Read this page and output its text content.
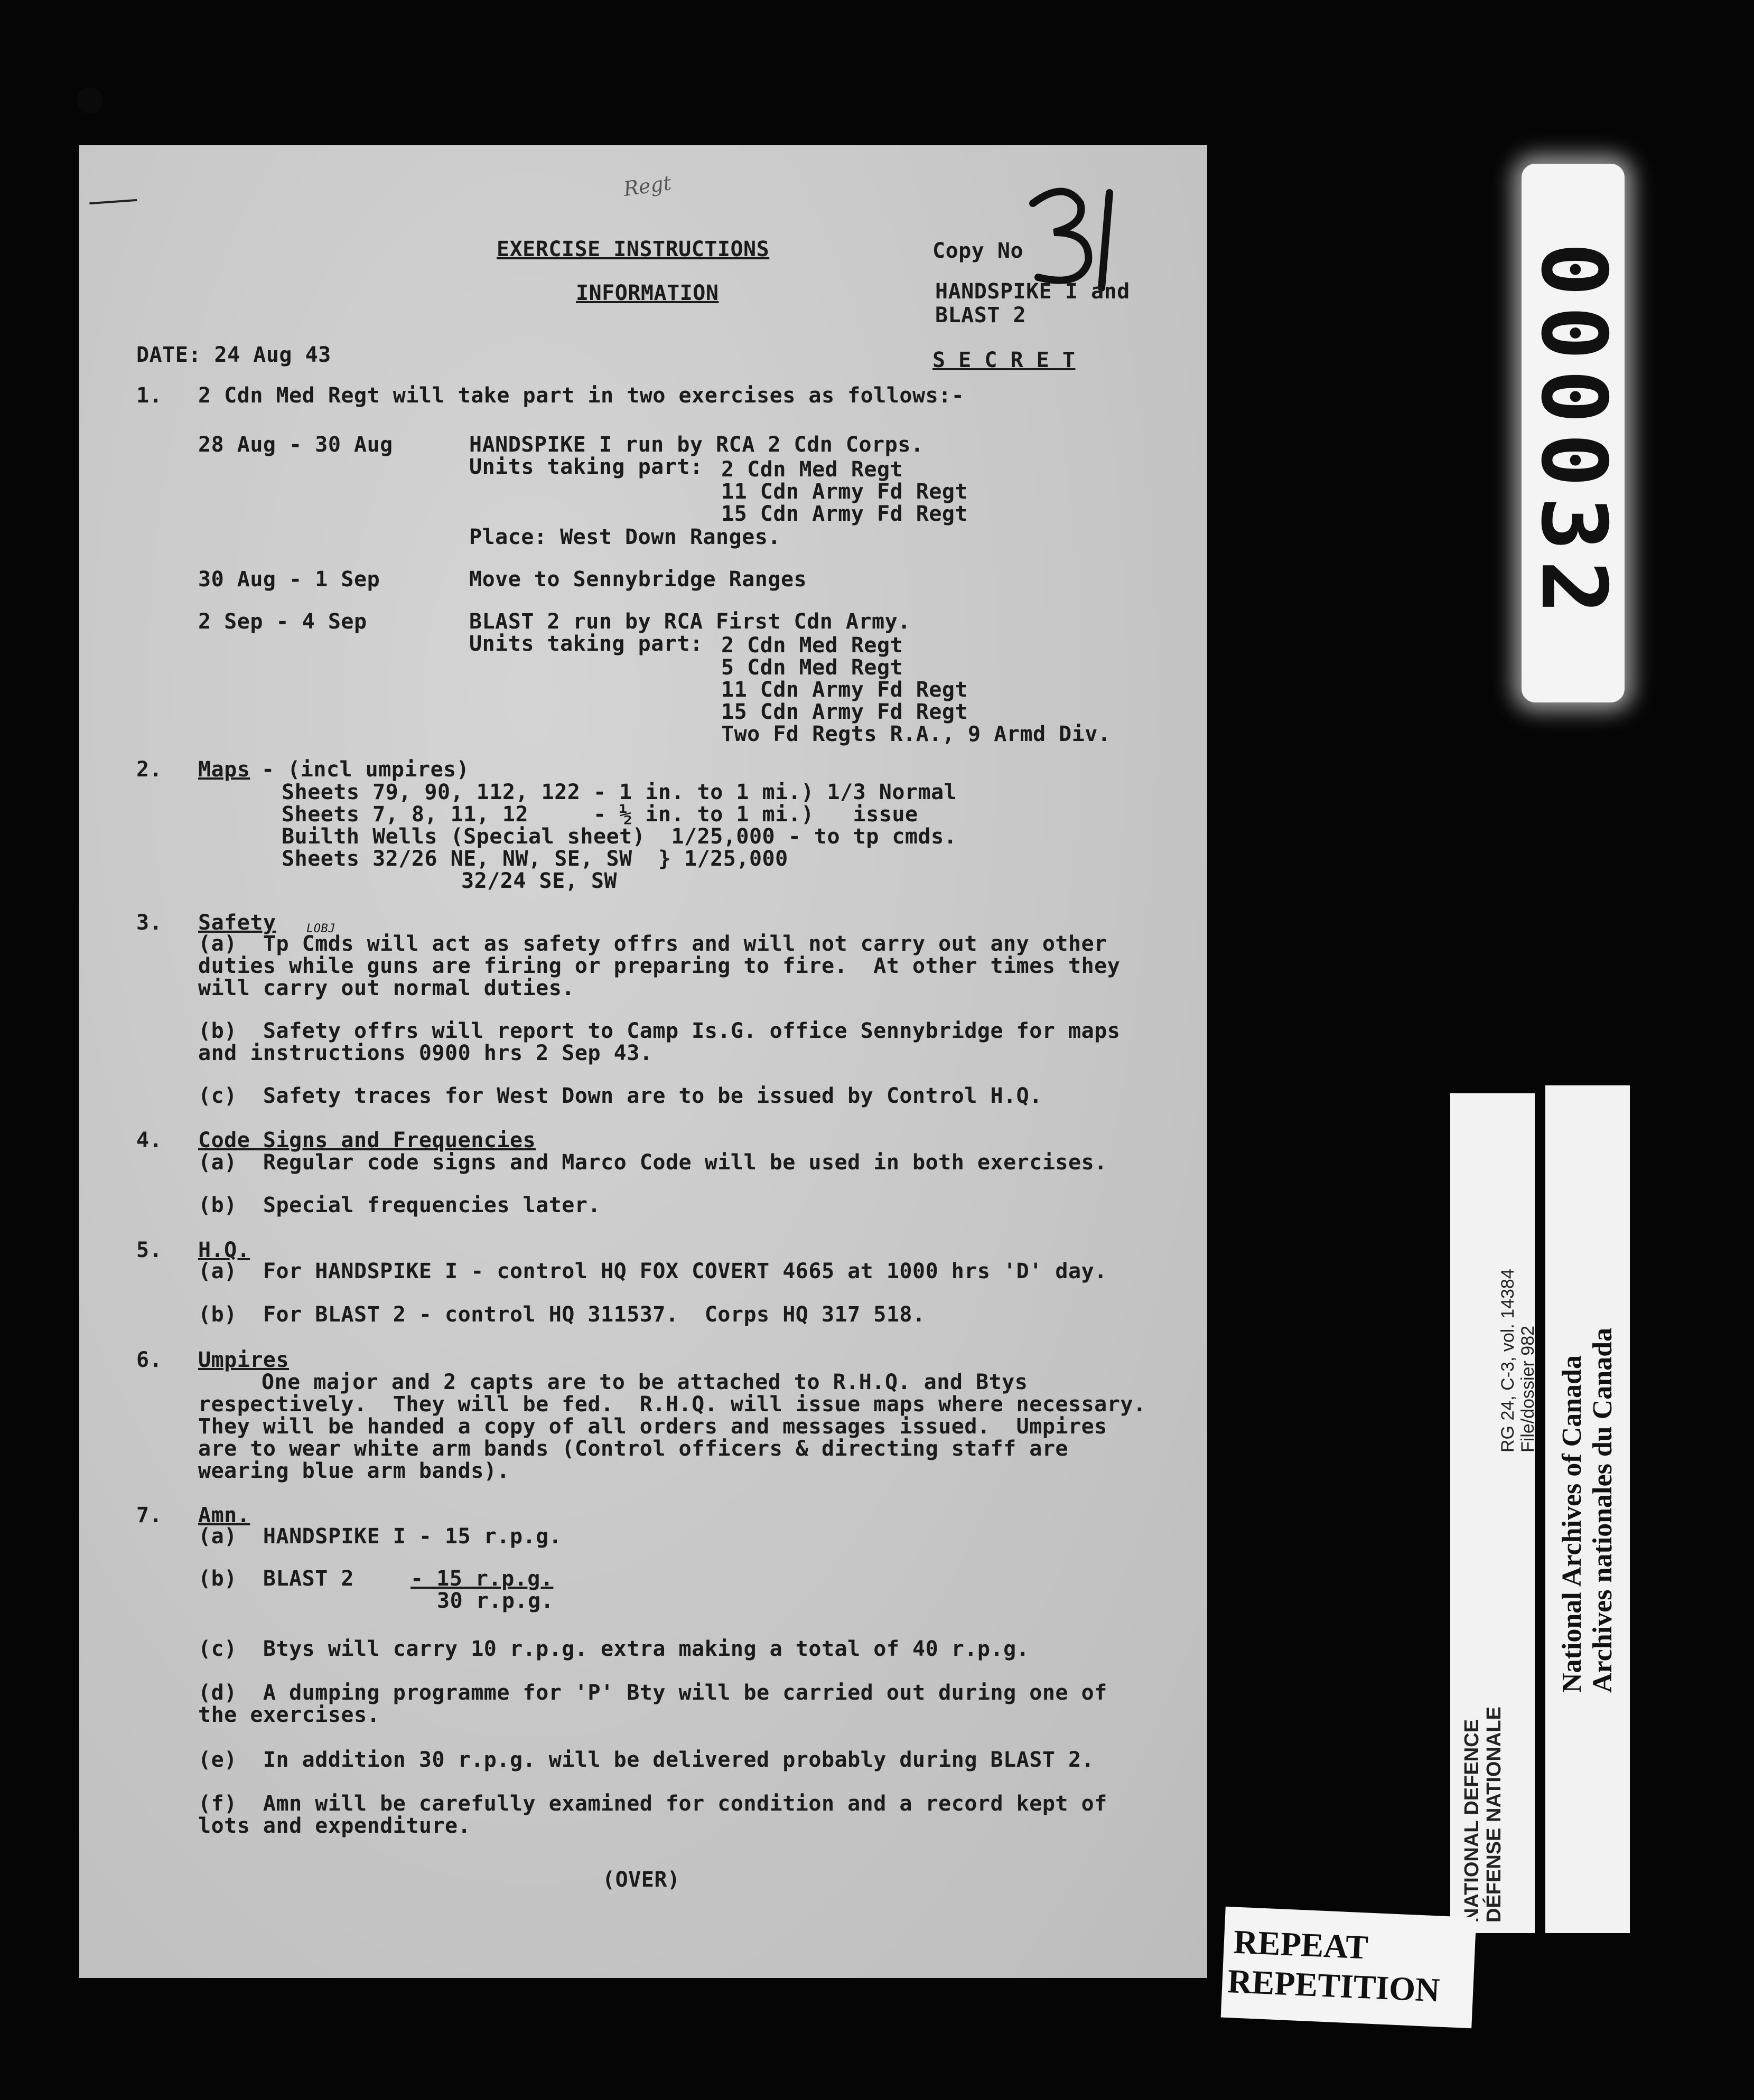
Regt
EXERCISE INSTRUCTIONS
INFORMATION
Copy No
HANDSPIKE I and
BLAST 2
DATE: 24 Aug 43	S E C R E T
1. 2 Cdn Med Regt will take part in two exercises as follows:-
28 Aug - 30 Aug	HANDSPIKE I run by RCA 2 Cdn Corps.
Units taking part: 2 Cdn Med Regt
11 Cdn Army Fd Regt
15 Cdn Army Fd Regt
Place: West Down Ranges.
30 Aug - 1 Sep	Move to Sennybridge Ranges
2 Sep - 4 Sep	BLAST 2 run by RCA First Cdn Army.
Units taking part: 2 Cdn Med Regt
5 Cdn Med Regt
11 Cdn Army Fd Regt
15 Cdn Army Fd Regt
Two Fd Regts R.A., 9 Armd Div.
2. Maps - (incl umpires)
Sheets 79, 90, 112, 122 - 1 in. to 1 mi.) 1/3 Normal
Sheets 7, 8, 11, 12     - ½ in. to 1 mi.)   issue
Builth Wells (Special sheet)  1/25,000 - to tp cmds.
Sheets 32/26 NE, NW, SE, SW  } 1/25,000
32/24 SE, SW
3. Safety	LOBJ
(a)  Tp Cmds will act as safety offrs and will not carry out any other
duties while guns are firing or preparing to fire.  At other times they
will carry out normal duties.
(b)  Safety offrs will report to Camp Is.G. office Sennybridge for maps
and instructions 0900 hrs 2 Sep 43.
(c)  Safety traces for West Down are to be issued by Control H.Q.
4. Code Signs and Frequencies
(a)  Regular code signs and Marco Code will be used in both exercises.
(b)  Special frequencies later.
5. H.Q.
(a)  For HANDSPIKE I - control HQ FOX COVERT 4665 at 1000 hrs 'D' day.
(b)  For BLAST 2 - control HQ 311537.  Corps HQ 317 518.
6. Umpires
One major and 2 capts are to be attached to R.H.Q. and Btys
respectively.  They will be fed.  R.H.Q. will issue maps where necessary.
They will be handed a copy of all orders and messages issued.  Umpires
are to wear white arm bands (Control officers & directing staff are
wearing blue arm bands).
7. Amn.
(a)  HANDSPIKE I - 15 r.p.g.
(b)  BLAST 2	- 15 r.p.g.
30 r.p.g.
(c)  Btys will carry 10 r.p.g. extra making a total of 40 r.p.g.
(d)  A dumping programme for 'P' Bty will be carried out during one of
the exercises.
(e)  In addition 30 r.p.g. will be delivered probably during BLAST 2.
(f)  Amn will be carefully examined for condition and a record kept of
lots and expenditure.
(OVER)
000032
NATIONAL DEFENCE DÉFENSE NATIONALE
RG 24, C-3, vol. 14384 File/dossier 982 National Archives of Canada Archives nationales du Canada
REPEAT
REPETITION
